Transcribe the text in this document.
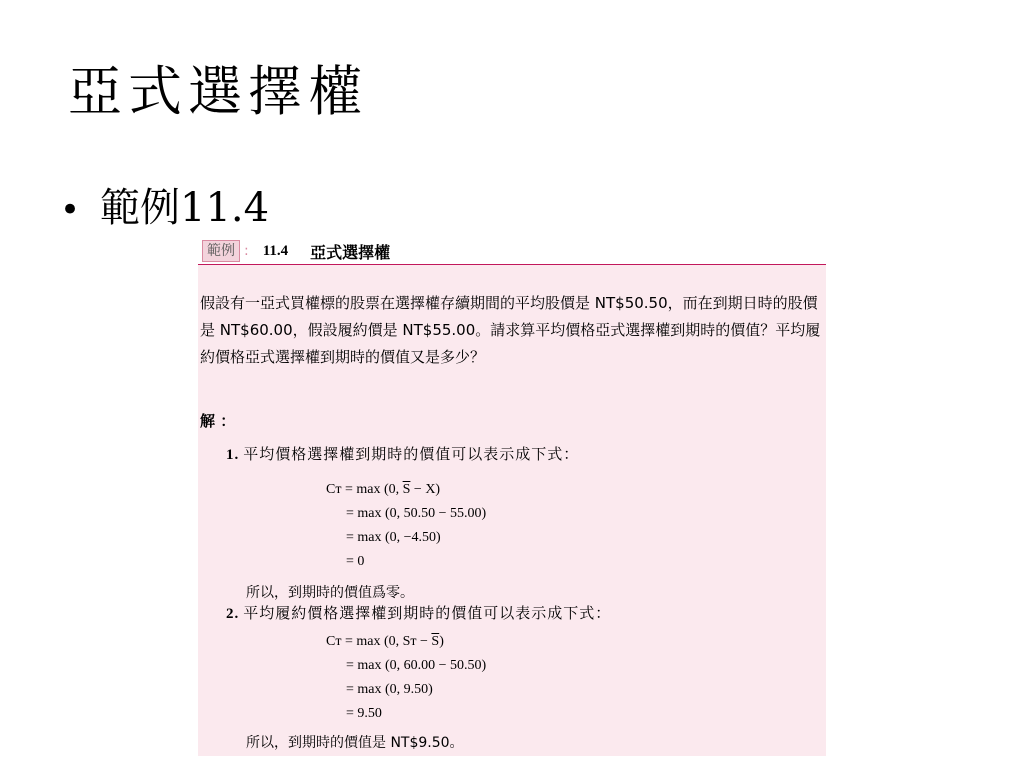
亞式選擇權
• 範例11.4
範例 : 11.4 亞式選擇權

假設有一亞式買權標的股票在選擇權存續期間的平均股價是 NT$50.50，而在到期日時的股價是 NT$60.00，假設履約價是 NT$55.00。請求算平均價格亞式選擇權到期時的價值？平均履約價格亞式選擇權到期時的價值又是多少？

解 ：
1. 平均價格選擇權到期時的價值可以表示成下式：
Cᴛ = max (0, $\overline{S} - X$)
= max (0, 50.50 − 55.00)
= max (0, −4.50)
= 0
所以，到期時的價值爲零。
2. 平均履約價格選擇權到期時的價值可以表示成下式：
Cᴛ = max (0, Sᴛ − $\overline{S}$)
= max (0, 60.00 − 50.50)
= max (0, 9.50)
= 9.50
所以，到期時的價值是 NT$9.50。
